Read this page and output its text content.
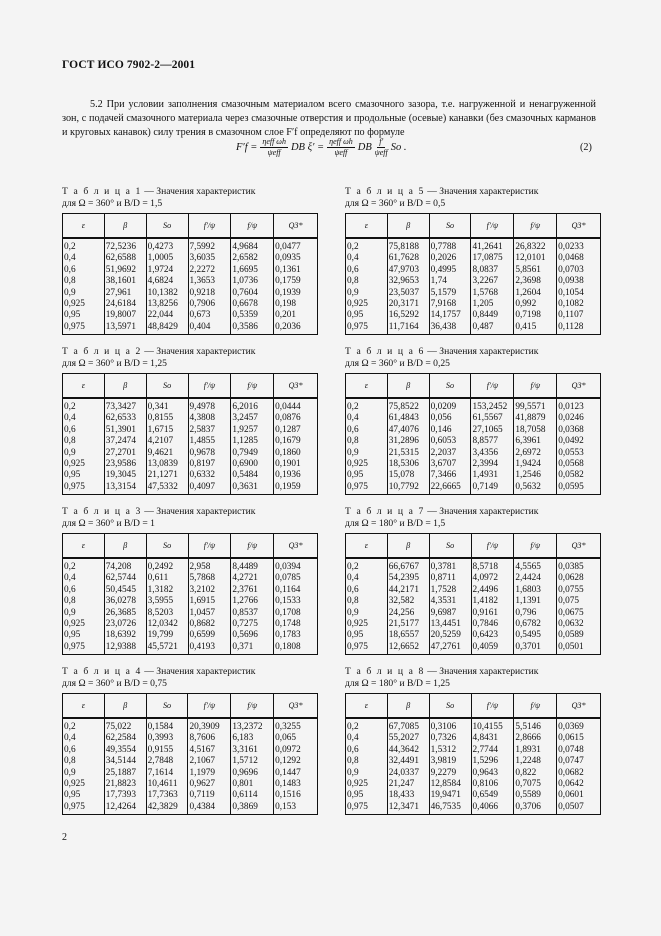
ГОСТ ИСО 7902-2—2001
5.2 При условии заполнения смазочным материалом всего смазочного зазора, т.е. нагруженной и ненагруженной зон, с подачей смазочного материала через смазочные отверстия и продольные (осевые) канавки (без смазочных карманов и круговых канавок) силу трения в смазочном слое F′f определяют по формуле
$F'f = \frac{\text{ηeff ωh}}{\text{ψeff}}$ DB $\xi' = \frac{\text{ηeff ωh}}{\text{ψeff}}$ DB $\frac{f'}{\text{ψeff}}$ So .	(2)
Т а б л и ц а 1 — Значения характеристик
для Ω = 360° и B/D = 1,5
ε	β	So	f′/ψ	f/ψ	Q3*
0,2	72,5236	0,4273	7,5992	4,9684	0,0477
0,4	62,6588	1,0005	3,6035	2,6582	0,0935
0,6	51,9692	1,9724	2,2272	1,6695	0,1361
0,8	38,1601	4,6824	1,3653	1,0736	0,1759
0,9	27,961	10,1382	0,9218	0,7604	0,1939
0,925	24,6184	13,8256	0,7906	0,6678	0,198
0,95	19,8007	22,044	0,673	0,5359	0,201
0,975	13,5971	48,8429	0,404	0,3586	0,2036
Т а б л и ц а 2 — Значения характеристик
для Ω = 360° и B/D = 1,25
ε	β	So	f′/ψ	f/ψ	Q3*
0,2	73,3427	0,341	9,4978	6,2016	0,0444
0,4	62,6533	0,8155	4,3808	3,2457	0,0876
0,6	51,3901	1,6715	2,5837	1,9257	0,1287
0,8	37,2474	4,2107	1,4855	1,1285	0,1679
0,9	27,2701	9,4621	0,9678	0,7949	0,1860
0,925	23,9586	13,0839	0,8197	0,6900	0,1901
0,95	19,3045	21,1271	0,6332	0,5484	0,1936
0,975	13,3154	47,5332	0,4097	0,3631	0,1959
Т а б л и ц а 3 — Значения характеристик
для Ω = 360° и B/D = 1
ε	β	So	f′/ψ	f/ψ	Q3*
0,2	74,208	0,2492	2,958	8,4489	0,0394
0,4	62,5744	0,611	5,7868	4,2721	0,0785
0,6	50,4545	1,3182	3,2102	2,3761	0,1164
0,8	36,0278	3,5955	1,6915	1,2766	0,1533
0,9	26,3685	8,5203	1,0457	0,8537	0,1708
0,925	23,0726	12,0342	0,8682	0,7275	0,1748
0,95	18,6392	19,799	0,6599	0,5696	0,1783
0,975	12,9388	45,5721	0,4193	0,371	0,1808
Т а б л и ц а 4 — Значения характеристик
для Ω = 360° и B/D = 0,75
ε	β	So	f′/ψ	f/ψ	Q3*
0,2	75,022	0,1584	20,3909	13,2372	0,3255
0,4	62,2584	0,3993	8,7606	6,183	0,065
0,6	49,3554	0,9155	4,5167	3,3161	0,0972
0,8	34,5144	2,7848	2,1067	1,5712	0,1292
0,9	25,1887	7,1614	1,1979	0,9696	0,1447
0,925	21,8823	10,4611	0,9627	0,801	0,1483
0,95	17,7393	17,7363	0,7119	0,6114	0,1516
0,975	12,4264	42,3829	0,4384	0,3869	0,153
Т а б л и ц а 5 — Значения характеристик
для Ω = 360° и B/D = 0,5
ε	β	So	f′/ψ	f/ψ	Q3*
0,2	75,8188	0,7788	41,2641	26,8322	0,0233
0,4	61,7628	0,2026	17,0875	12,0101	0,0468
0,6	47,9703	0,4995	8,0837	5,8561	0,0703
0,8	32,9653	1,74	3,2267	2,3698	0,0938
0,9	23,5037	5,1579	1,5768	1,2604	0,1054
0,925	20,3171	7,9168	1,205	0,992	0,1082
0,95	16,5292	14,1757	0,8449	0,7198	0,1107
0,975	11,7164	36,438	0,487	0,415	0,1128
Т а б л и ц а 6 — Значения характеристик
для Ω = 360° и B/D = 0,25
ε	β	So	f′/ψ	f/ψ	Q3*
0,2	75,8522	0,0209	153,2452	99,5571	0,0123
0,4	61,4843	0,056	61,5567	41,8879	0,0246
0,6	47,4076	0,146	27,1065	18,7058	0,0368
0,8	31,2896	0,6053	8,8577	6,3961	0,0492
0,9	21,5315	2,2037	3,4356	2,6972	0,0553
0,925	18,5306	3,6707	2,3994	1,9424	0,0568
0,95	15,078	7,3466	1,4931	1,2546	0,0582
0,975	10,7792	22,6665	0,7149	0,5632	0,0595
Т а б л и ц а 7 — Значения характеристик
для Ω = 180° и B/D = 1,5
ε	β	So	f′/ψ	f/ψ	Q3*
0,2	66,6767	0,3781	8,5718	4,5565	0,0385
0,4	54,2395	0,8711	4,0972	2,4424	0,0628
0,6	44,2171	1,7528	2,4496	1,6803	0,0755
0,8	32,582	4,3531	1,4182	1,1391	0,075
0,9	24,256	9,6987	0,9161	0,796	0,0675
0,925	21,5177	13,4451	0,7846	0,6782	0,0632
0,95	18,6557	20,5259	0,6423	0,5495	0,0589
0,975	12,6652	47,2761	0,4059	0,3701	0,0501
Т а б л и ц а 8 — Значения характеристик
для Ω = 180° и B/D = 1,25
ε	β	So	f′/ψ	f/ψ	Q3*
0,2	67,7085	0,3106	10,4155	5,5146	0,0369
0,4	55,2027	0,7326	4,8431	2,8666	0,0615
0,6	44,3642	1,5312	2,7744	1,8931	0,0748
0,8	32,4491	3,9819	1,5296	1,2248	0,0747
0,9	24,0337	9,2279	0,9643	0,822	0,0682
0,925	21,247	12,8584	0,8106	0,7075	0,0642
0,95	18,433	19,9471	0,6549	0,5589	0,0601
0,975	12,3471	46,7535	0,4066	0,3706	0,0507
2
